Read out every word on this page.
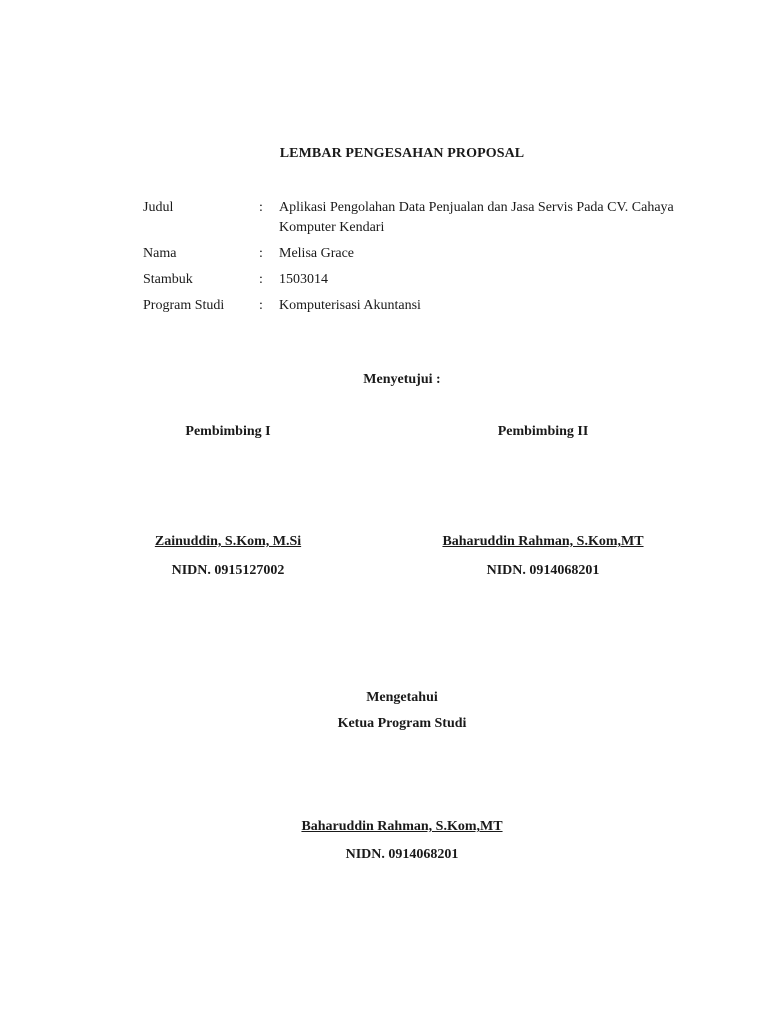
LEMBAR PENGESAHAN PROPOSAL
Judul	:	Aplikasi Pengolahan Data Penjualan dan Jasa Servis Pada CV. Cahaya Komputer Kendari
Nama	:	Melisa Grace
Stambuk	:	1503014
Program Studi	:	Komputerisasi Akuntansi
Menyetujui :
Pembimbing I	Pembimbing II
Zainuddin, S.Kom, M.Si	Baharuddin Rahman, S.Kom,MT
NIDN. 0915127002	NIDN. 0914068201
Mengetahui
Ketua Program Studi
Baharuddin Rahman, S.Kom,MT
NIDN. 0914068201
